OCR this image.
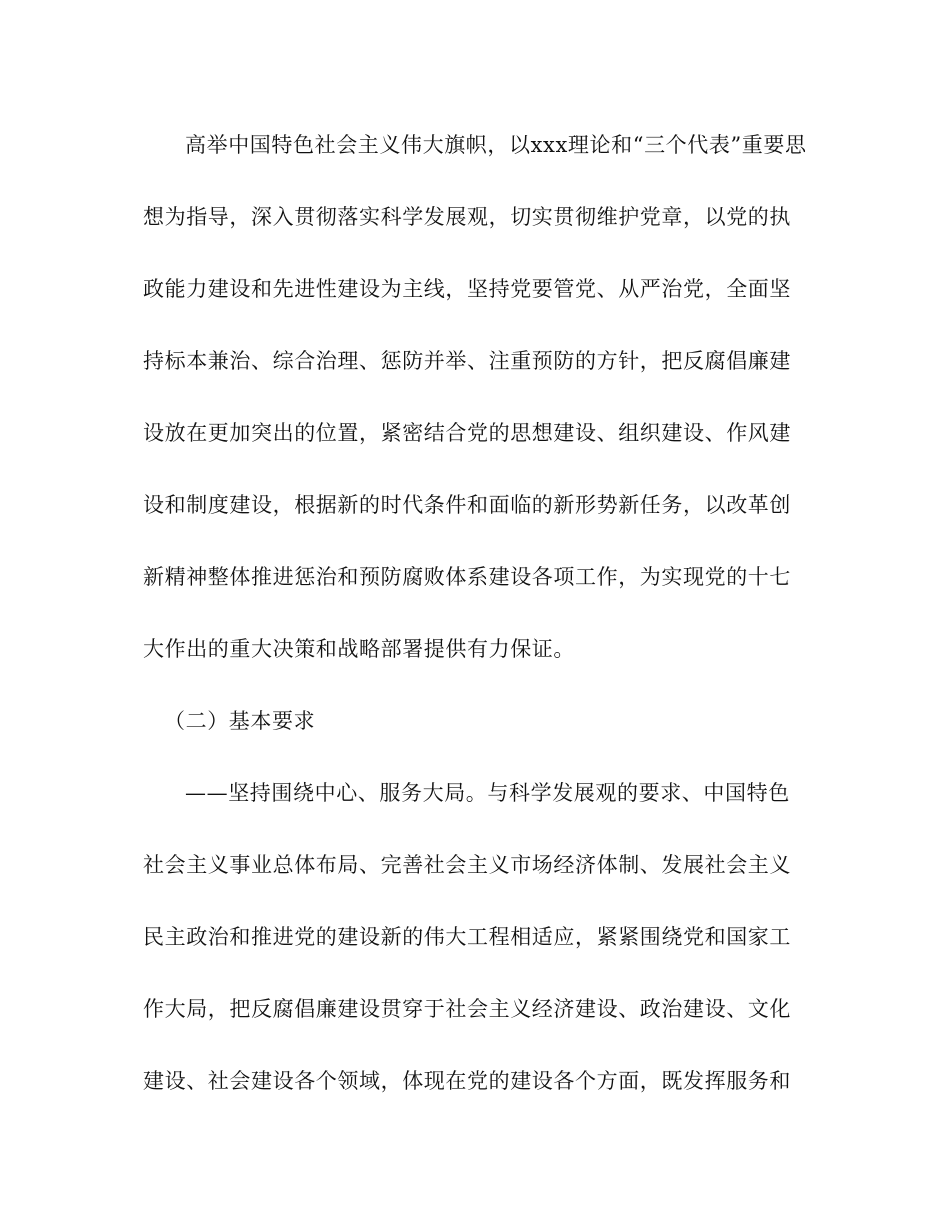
高举中国特色社会主义伟大旗帜，以xxx理论和“三个代表”重要思
想为指导，深入贯彻落实科学发展观，切实贯彻维护党章，以党的执
政能力建设和先进性建设为主线，坚持党要管党、从严治党，全面坚
持标本兼治、综合治理、惩防并举、注重预防的方针，把反腐倡廉建
设放在更加突出的位置，紧密结合党的思想建设、组织建设、作风建
设和制度建设，根据新的时代条件和面临的新形势新任务，以改革创
新精神整体推进惩治和预防腐败体系建设各项工作，为实现党的十七
大作出的重大决策和战略部署提供有力保证。
（二）基本要求
——坚持围绕中心、服务大局。与科学发展观的要求、中国特色
社会主义事业总体布局、完善社会主义市场经济体制、发展社会主义
民主政治和推进党的建设新的伟大工程相适应，紧紧围绕党和国家工
作大局，把反腐倡廉建设贯穿于社会主义经济建设、政治建设、文化
建设、社会建设各个领域，体现在党的建设各个方面，既发挥服务和
